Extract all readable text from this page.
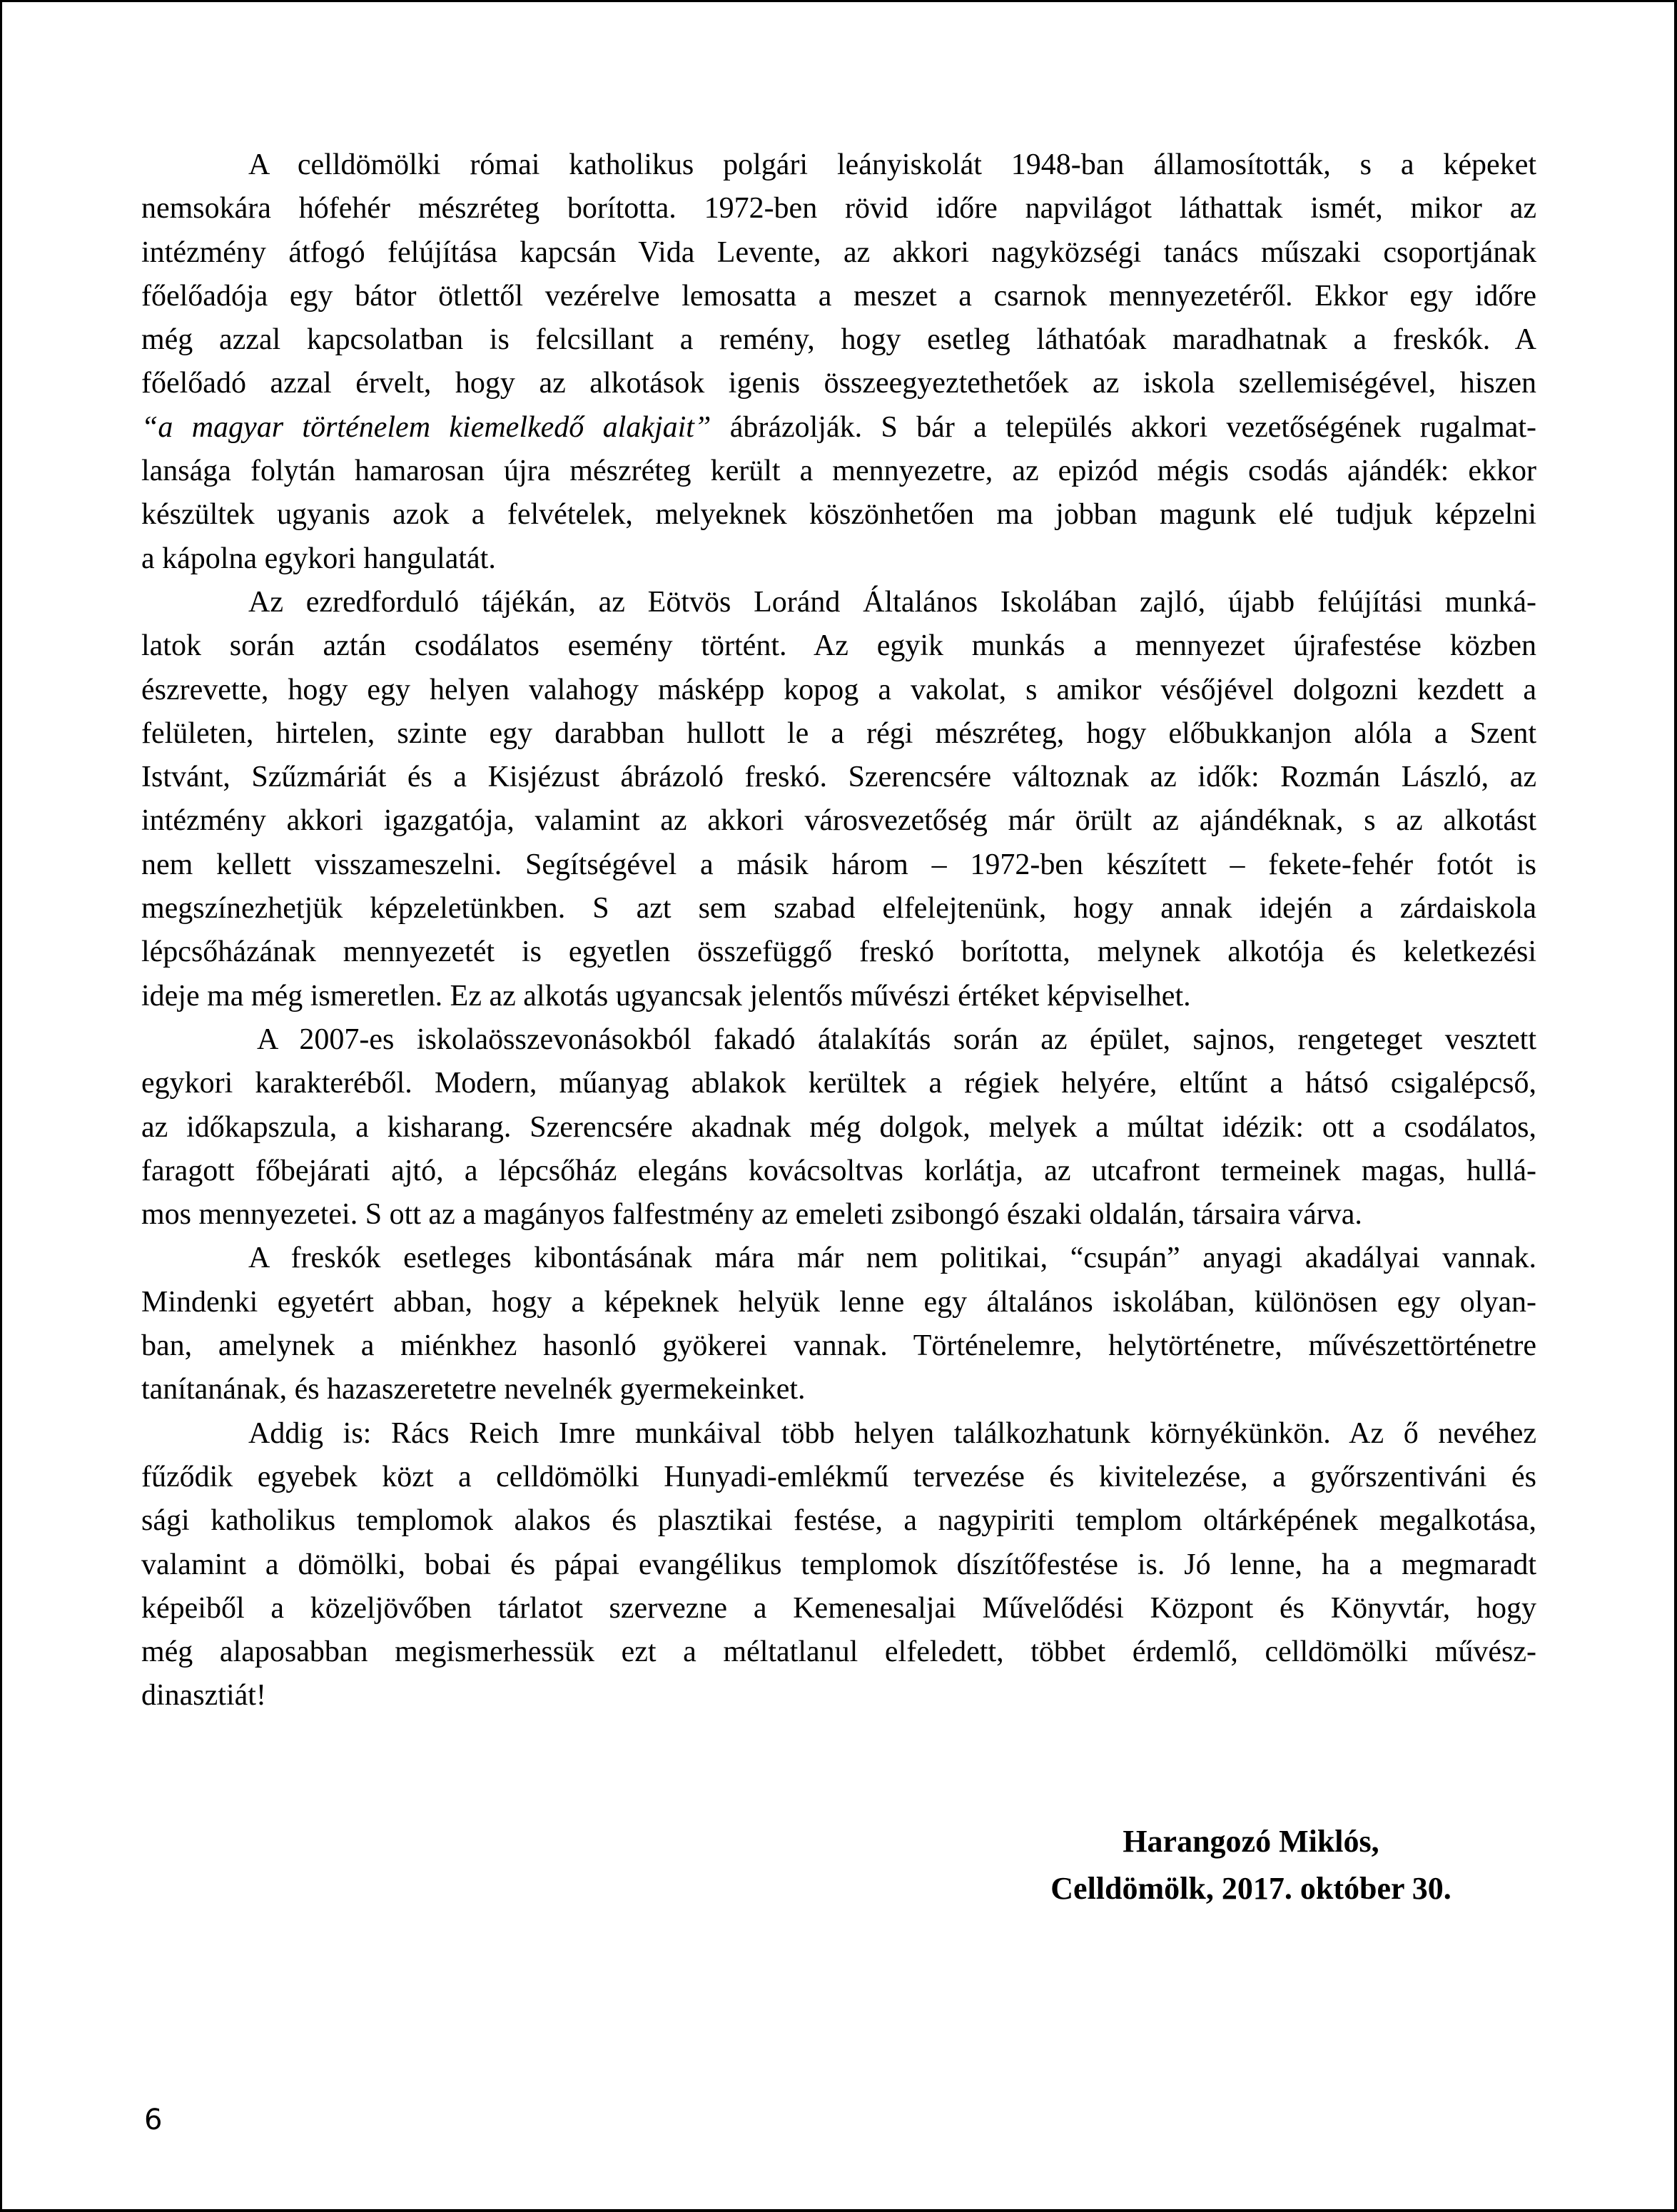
A celldömölki római katholikus polgári leányiskolát 1948-ban államosították, s a képeket
nemsokára hófehér mészréteg borította. 1972-ben rövid időre napvilágot láthattak ismét, mikor az
intézmény átfogó felújítása kapcsán Vida Levente, az akkori nagyközségi tanács műszaki csoportjának
főelőadója egy bátor ötlettől vezérelve lemosatta a meszet a csarnok mennyezetéről. Ekkor egy időre
még azzal kapcsolatban is felcsillant a remény, hogy esetleg láthatóak maradhatnak a freskók. A
főelőadó azzal érvelt, hogy az alkotások igenis összeegyeztethetőek az iskola szellemiségével, hiszen
“a magyar történelem kiemelkedő alakjait” ábrázolják. S bár a település akkori vezetőségének rugalmat-
lansága folytán hamarosan újra mészréteg került a mennyezetre, az epizód mégis csodás ajándék: ekkor
készültek ugyanis azok a felvételek, melyeknek köszönhetően ma jobban magunk elé tudjuk képzelni
a kápolna egykori hangulatát.
Az ezredforduló tájékán, az Eötvös Loránd Általános Iskolában zajló, újabb felújítási munká-
latok során aztán csodálatos esemény történt. Az egyik munkás a mennyezet újrafestése közben
észrevette, hogy egy helyen valahogy másképp kopog a vakolat, s amikor vésőjével dolgozni kezdett a
felületen, hirtelen, szinte egy darabban hullott le a régi mészréteg, hogy előbukkanjon alóla a Szent
Istvánt, Szűzmáriát és a Kisjézust ábrázoló freskó. Szerencsére változnak az idők: Rozmán László, az
intézmény akkori igazgatója, valamint az akkori városvezetőség már örült az ajándéknak, s az alkotást
nem kellett visszameszelni. Segítségével a másik három – 1972-ben készített – fekete-fehér fotót is
megszínezhetjük képzeletünkben. S azt sem szabad elfelejtenünk, hogy annak idején a zárdaiskola
lépcsőházának mennyezetét is egyetlen összefüggő freskó borította, melynek alkotója és keletkezési
ideje ma még ismeretlen. Ez az alkotás ugyancsak jelentős művészi értéket képviselhet.
A 2007-es iskolaösszevonásokból fakadó átalakítás során az épület, sajnos, rengeteget vesztett
egykori karakteréből. Modern, műanyag ablakok kerültek a régiek helyére, eltűnt a hátsó csigalépcső,
az időkapszula, a kisharang. Szerencsére akadnak még dolgok, melyek a múltat idézik: ott a csodálatos,
faragott főbejárati ajtó, a lépcsőház elegáns kovácsoltvas korlátja, az utcafront termeinek magas, hullá-
mos mennyezetei. S ott az a magányos falfestmény az emeleti zsibongó északi oldalán, társaira várva.
A freskók esetleges kibontásának mára már nem politikai, “csupán” anyagi akadályai vannak.
Mindenki egyetért abban, hogy a képeknek helyük lenne egy általános iskolában, különösen egy olyan-
ban, amelynek a miénkhez hasonló gyökerei vannak. Történelemre, helytörténetre, művészettörténetre
tanítanának, és hazaszeretetre nevelnék gyermekeinket.
Addig is: Rács Reich Imre munkáival több helyen találkozhatunk környékünkön. Az ő nevéhez
fűződik egyebek közt a celldömölki Hunyadi-emlékmű tervezése és kivitelezése, a győrszentiváni és
sági katholikus templomok alakos és plasztikai festése, a nagypiriti templom oltárképének megalkotása,
valamint a dömölki, bobai és pápai evangélikus templomok díszítőfestése is. Jó lenne, ha a megmaradt
képeiből a közeljövőben tárlatot szervezne a Kemenesaljai Művelődési Központ és Könyvtár, hogy
még alaposabban megismerhessük ezt a méltatlanul elfeledett, többet érdemlő, celldömölki művész-
dinasztiát!
Harangozó Miklós,
Celldömölk, 2017. október 30.
6
